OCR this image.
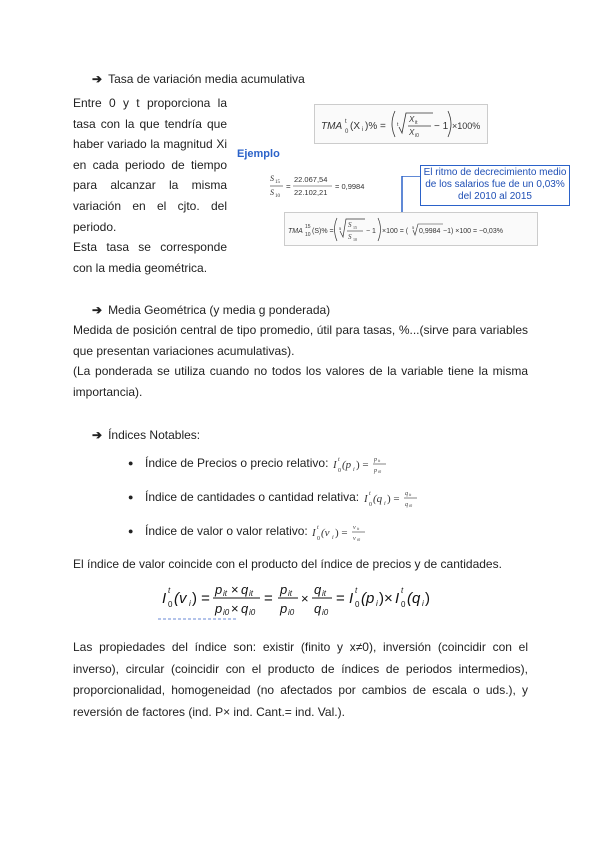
➔ Tasa de variación media acumulativa
Entre 0 y t proporciona la
tasa con la que tendría que
haber variado la magnitud Xi
en cada periodo de tiempo
para alcanzar la misma
variación en el cjto. del
periodo.
Esta tasa se corresponde
con la media geométrica.
TMA t
0 (X i )% = t
X it
X i0
− 1 ×100%
Ejemplo
S 15
S 10
=
22.067,54
22.102,21
= 0,9984
El ritmo de decrecimiento medio de los salarios fue de un 0,03% del 2010 al 2015
TMA
15
10 (S)% = 5 S 15
S 10
− 1 ×100 = (
5
0,9984 −1) ×100 = −0,03%
➔ Media Geométrica (y media g ponderada)
Medida de posición central de tipo promedio, útil para tasas, %...(sirve para variables que presentan variaciones acumulativas).
(La ponderada se utiliza cuando no todos los valores de la variable tiene la misma importancia).
➔ Índices Notables:
● Índice de Precios o precio relativo: I t
0 (p i ) = p it
p i0
● Índice de cantidades o cantidad relativa: I t
0 (q i ) = q it
q i0
● Índice de valor o valor relativo: I t
0 (v i ) = v it
v i0
El índice de valor coincide con el producto del índice de precios y de cantidades.
I t
0 (v i ) =
p it × q it
p i0 × q i0
=
p it
p i0
×
q it
q i0
= I t
0 (p i )× I t
0 (q i )
Las propiedades del índice son: existir (finito y x≠0), inversión (coincidir con el inverso), circular (coincidir con el producto de índices de periodos intermedios), proporcionalidad, homogeneidad (no afectados por cambios de escala o uds.), y reversión de factores (ind. P× ind. Cant.= ind. Val.).
